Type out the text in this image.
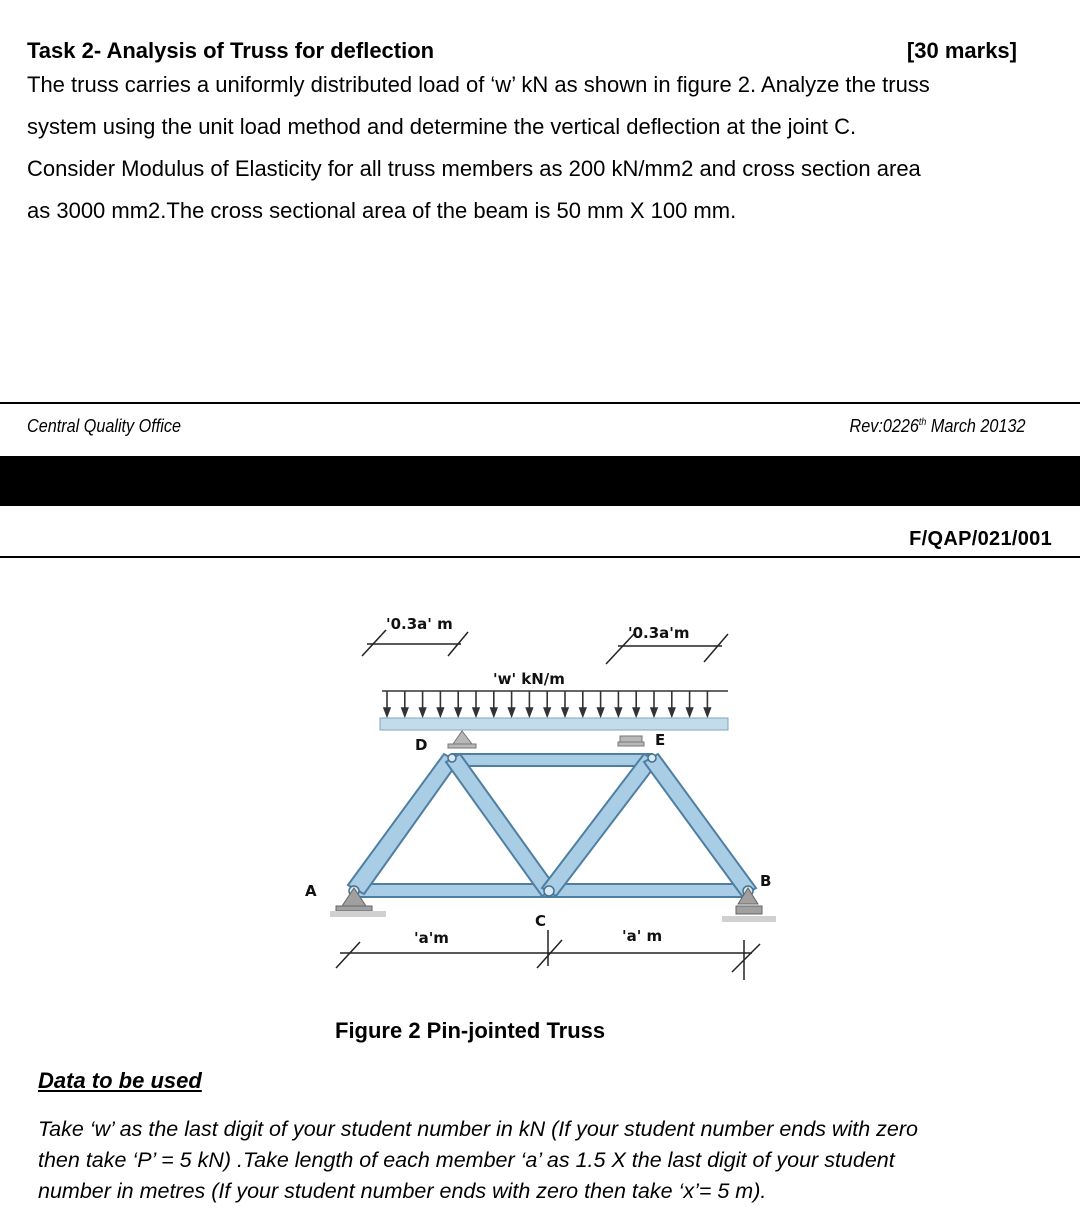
Task 2- Analysis of Truss for deflection	[30 marks]
The truss carries a uniformly distributed load of ‘w’ kN as shown in figure 2. Analyze the truss
system using the unit load method and determine the vertical deflection at the joint C.
Consider Modulus of Elasticity for all truss members as 200 kN/mm2 and cross section area
as 3000 mm2.The cross sectional area of the beam is 50 mm X 100 mm.
Central Quality Office	Rev:0226th March 20132
F/QAP/021/001
'0.3a' m	'0.3a'm
'w' kN/m
A
B
C
D	E
'a'm	'a' m
Figure 2 Pin-jointed Truss
Data to be used
Take ‘w’ as the last digit of your student number in kN (If your student number ends with zero
then take ‘P’ = 5 kN) .Take length of each member ‘a’ as 1.5 X the last digit of your student
number in metres (If your student number ends with zero then take ‘x’= 5 m).
